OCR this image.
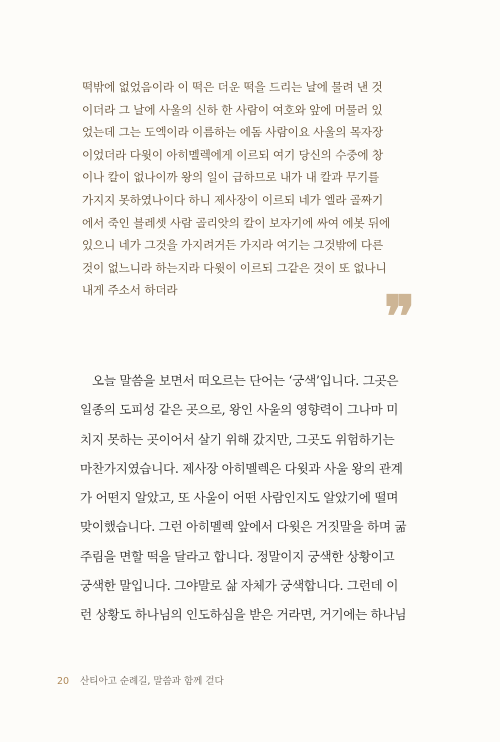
떡밖에 없었음이라 이 떡은 더운 떡을 드리는 날에 물려 낸 것
이더라 그 날에 사울의 신하 한 사람이 여호와 앞에 머물러 있
었는데 그는 도엑이라 이름하는 에돔 사람이요 사울의 목자장
이었더라 다윗이 아히멜렉에게 이르되 여기 당신의 수중에 창
이나 칼이 없나이까 왕의 일이 급하므로 내가 내 칼과 무기를
가지지 못하였나이다 하니 제사장이 이르되 네가 엘라 골짜기
에서 죽인 블레셋 사람 골리앗의 칼이 보자기에 싸여 에봇 뒤에
있으니 네가 그것을 가지려거든 가지라 여기는 그것밖에 다른
것이 없느니라 하는지라 다윗이 이르되 그같은 것이 또 없나니
내게 주소서 하더라	❞
오늘 말씀을 보면서 떠오르는 단어는 ‘궁색’입니다. 그곳은
일종의 도피성 같은 곳으로, 왕인 사울의 영향력이 그나마 미
치지 못하는 곳이어서 살기 위해 갔지만, 그곳도 위험하기는
마찬가지였습니다. 제사장 아히멜렉은 다윗과 사울 왕의 관계
가 어떤지 알았고, 또 사울이 어떤 사람인지도 알았기에 떨며
맞이했습니다. 그런 아히멜렉 앞에서 다윗은 거짓말을 하며 굶
주림을 면할 떡을 달라고 합니다. 정말이지 궁색한 상황이고
궁색한 말입니다. 그야말로 삶 자체가 궁색합니다. 그런데 이
런 상황도 하나님의 인도하심을 받은 거라면, 거기에는 하나님
20 산티아고 순례길, 말씀과 함께 걷다
